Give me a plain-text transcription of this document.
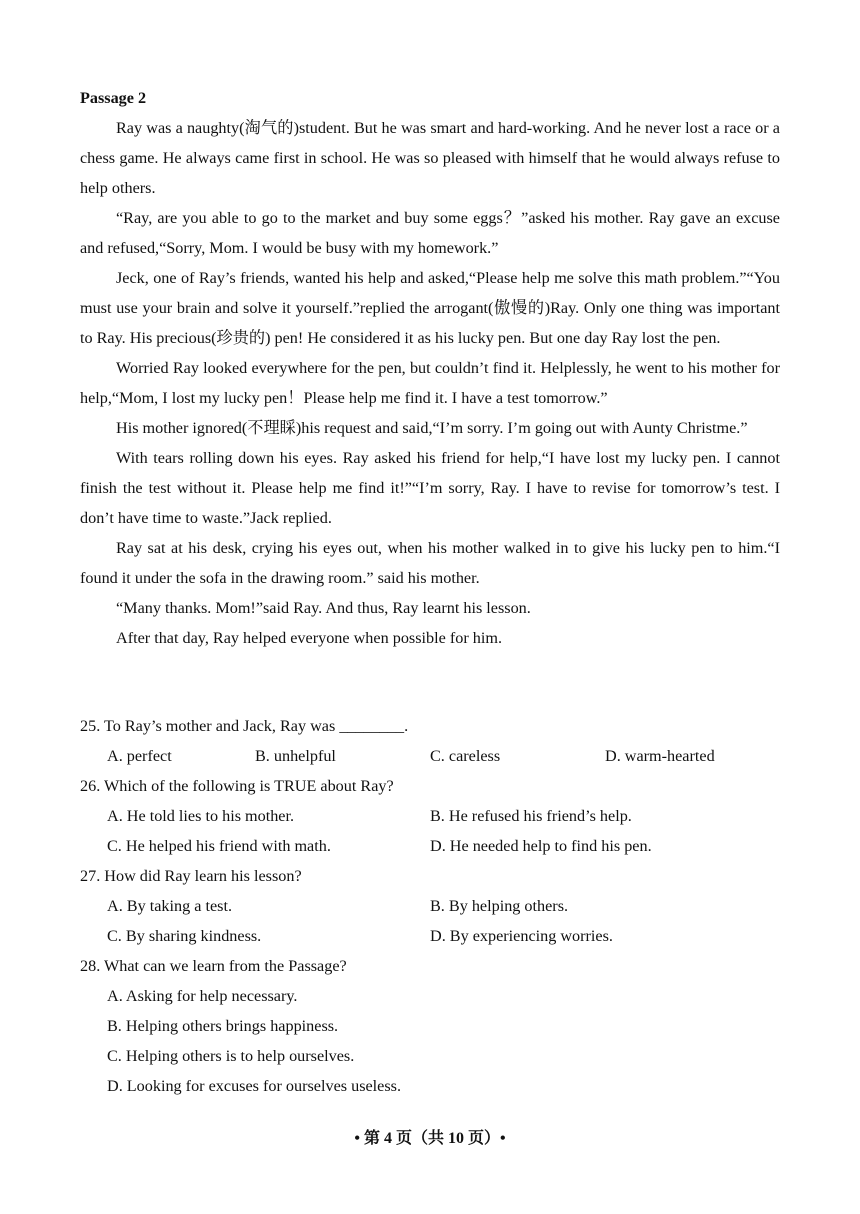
Passage 2

Ray was a naughty(淘气的)student. But he was smart and hard-working. And he never lost a race or a chess game. He always came first in school. He was so pleased with himself that he would always refuse to help others.

“Ray, are you able to go to the market and buy some eggs？”asked his mother. Ray gave an excuse and refused,“Sorry, Mom. I would be busy with my homework.”

Jeck, one of Ray’s friends, wanted his help and asked,“Please help me solve this math problem.”“You must use your brain and solve it yourself.”replied the arrogant(傲慢的)Ray. Only one thing was important to Ray. His precious(珍贵的) pen! He considered it as his lucky pen. But one day Ray lost the pen.

Worried Ray looked everywhere for the pen, but couldn’t find it. Helplessly, he went to his mother for help,“Mom, I lost my lucky pen！Please help me find it. I have a test tomorrow.”

His mother ignored(不理睬)his request and said,“I’m sorry. I’m going out with Aunty Christme.”

With tears rolling down his eyes. Ray asked his friend for help,“I have lost my lucky pen. I cannot finish the test without it. Please help me find it!”“I’m sorry, Ray. I have to revise for tomorrow’s test. I don’t have time to waste.”Jack replied.

Ray sat at his desk, crying his eyes out, when his mother walked in to give his lucky pen to him.“I found it under the sofa in the drawing room.” said his mother.

“Many thanks. Mom!”said Ray. And thus, Ray learnt his lesson.

After that day, Ray helped everyone when possible for him.

25. To Ray’s mother and Jack, Ray was ________.

A. perfect	B. unhelpful	C. careless	D. warm-hearted

26. Which of the following is TRUE about Ray?

A. He told lies to his mother.	B. He refused his friend’s help.
C. He helped his friend with math.	D. He needed help to find his pen.

27. How did Ray learn his lesson?

A. By taking a test.	B. By helping others.
C. By sharing kindness.	D. By experiencing worries.

28. What can we learn from the Passage?

A. Asking for help necessary.
B. Helping others brings happiness.
C. Helping others is to help ourselves.
D. Looking for excuses for ourselves useless.
• 第 4 页（共 10 页）•
